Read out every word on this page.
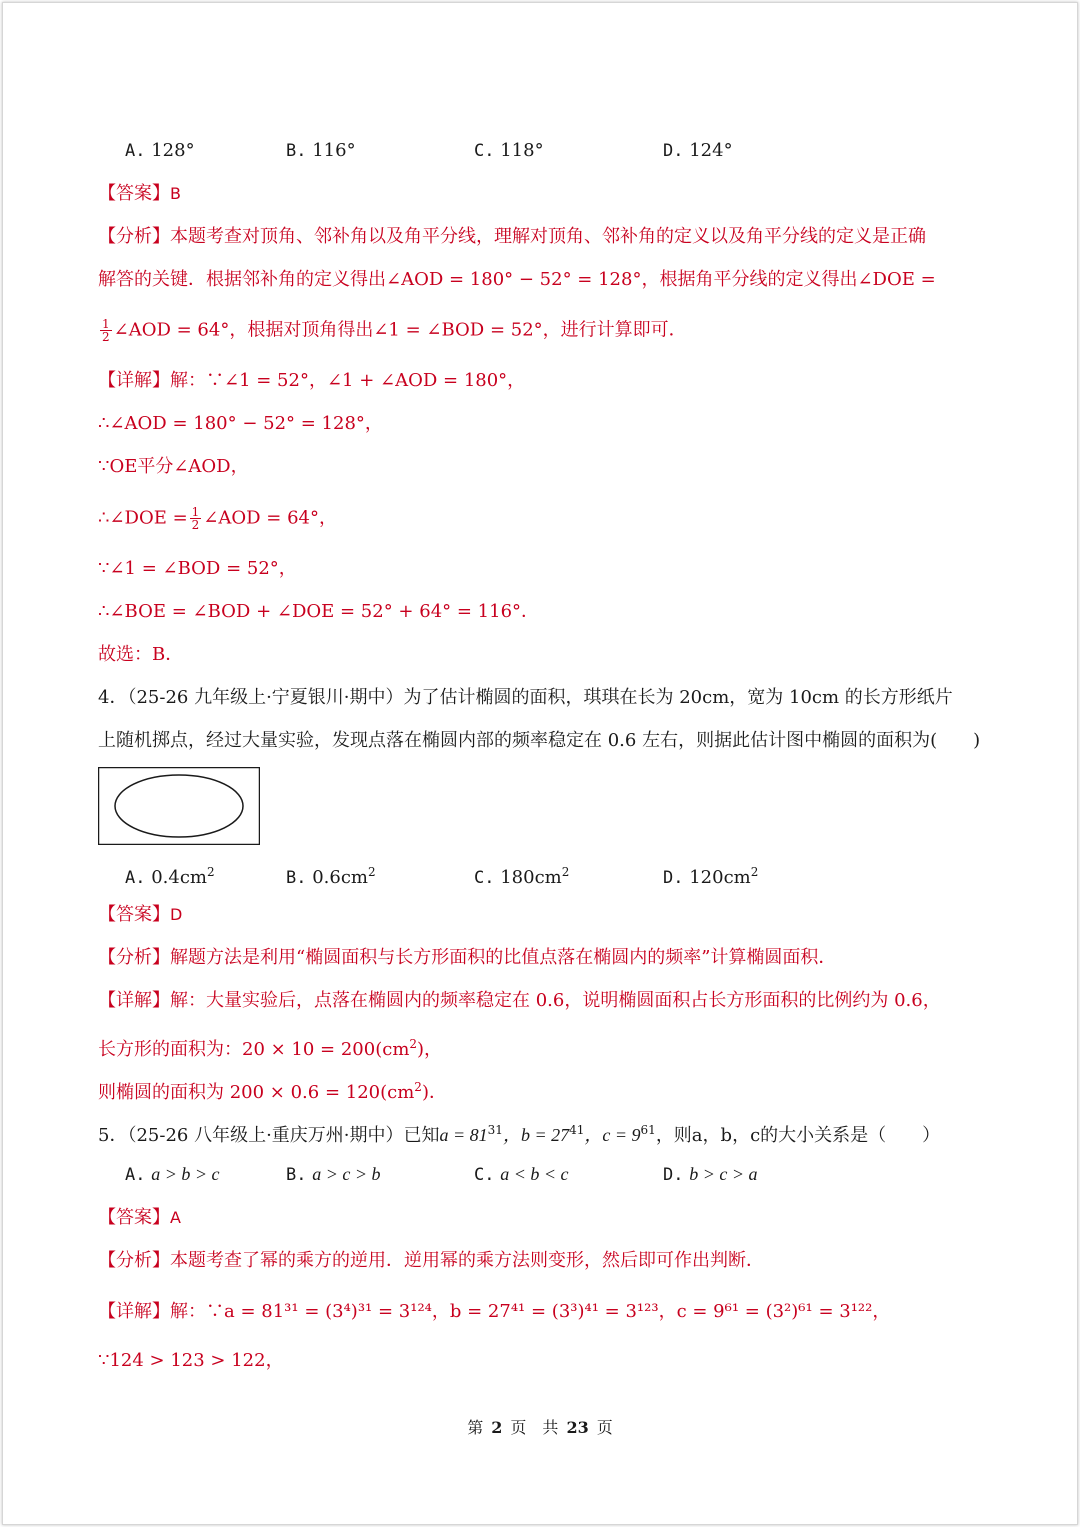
A. 128°	B. 116°	C. 118°	D. 124°
【答案】B
【分析】本题考查对顶角、邻补角以及角平分线，理解对顶角、邻补角的定义以及角平分线的定义是正确
解答的关键．根据邻补角的定义得出∠AOD = 180° − 52° = 128°，根据角平分线的定义得出∠DOE =
$\frac{1}{2}$ ∠AOD = 64°，根据对顶角得出∠1 = ∠BOD = 52°，进行计算即可．
【详解】解：∵∠1 = 52°，∠1 + ∠AOD = 180°，
∴∠AOD = 180° − 52° = 128°，
∵OE平分∠AOD，
∴∠DOE = $\frac{1}{2}$ ∠AOD = 64°，
∵∠1 = ∠BOD = 52°，
∴∠BOE = ∠BOD + ∠DOE = 52° + 64° = 116°．
故选：B．
4．（25-26 九年级上·宁夏银川·期中）为了估计椭圆的面积，琪琪在长为 20cm，宽为 10cm 的长方形纸片
上随机掷点，经过大量实验，发现点落在椭圆内部的频率稳定在 0.6 左右，则据此估计图中椭圆的面积为(　　)
A. $0.4cm^2$	B. $0.6cm^2$	C. $180cm^2$	D. $120cm^2$
【答案】D
【分析】解题方法是利用“椭圆面积与长方形面积的比值点落在椭圆内的频率”计算椭圆面积．
【详解】解：大量实验后，点落在椭圆内的频率稳定在 0.6，说明椭圆面积占长方形面积的比例约为 0.6，
长方形的面积为：$20 \times 10 = 200(cm^2)$，
则椭圆的面积为 $200 \times 0.6 = 120(cm^2)$．
5．（25-26 八年级上·重庆万州·期中）已知$a = 81^{31}$，$b = 27^{41}$，$c = 9^{61}$，则a，b，c的大小关系是（　　）
A. a > b > c	B. a > c > b	C. a < b < c	D. b > c > a
【答案】A
【分析】本题考查了幂的乘方的逆用．逆用幂的乘方法则变形，然后即可作出判断．
【详解】解：∵a = 81³¹ = (3⁴)³¹ = 3¹²⁴，b = 27⁴¹ = (3³)⁴¹ = 3¹²³，c = 9⁶¹ = (3²)⁶¹ = 3¹²²，
∵124 > 123 > 122，
第 2 页　共 23 页
